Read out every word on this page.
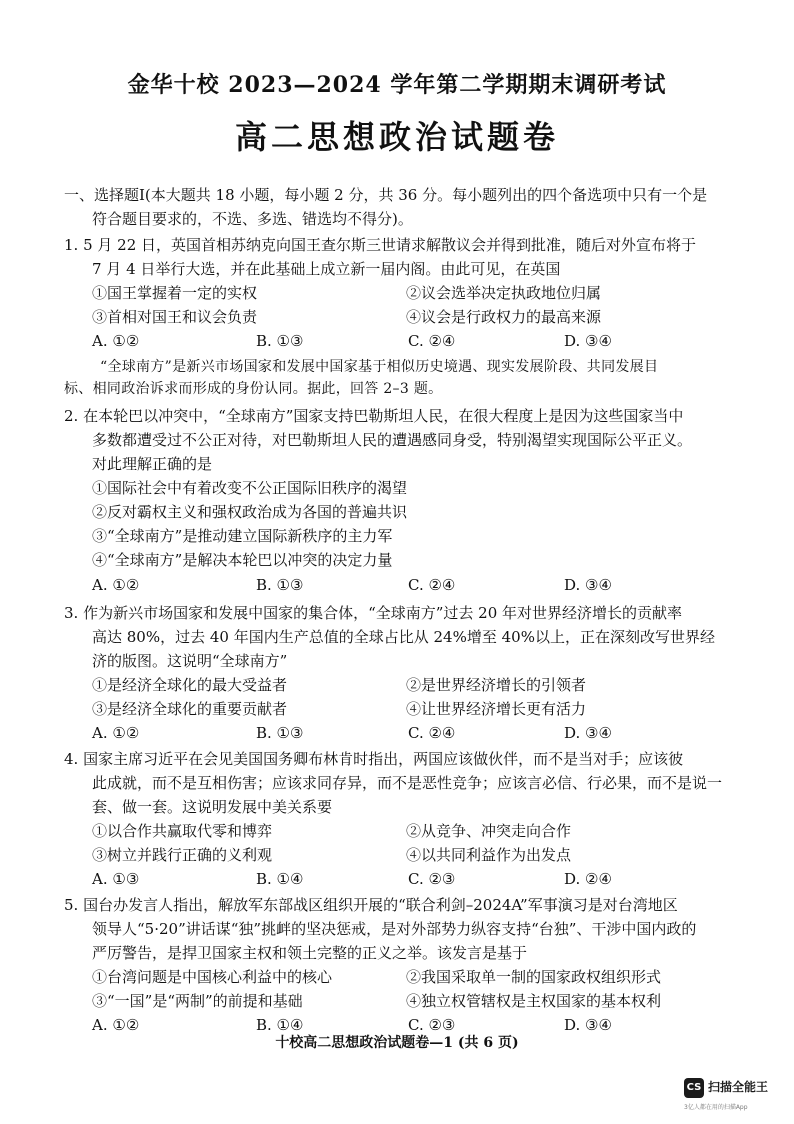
金华十校 2023—2024 学年第二学期期末调研考试
高二思想政治试题卷
一、选择题Ⅰ(本大题共 18 小题，每小题 2 分，共 36 分。每小题列出的四个备选项中只有一个是
符合题目要求的，不选、多选、错选均不得分)。
1. 5 月 22 日，英国首相苏纳克向国王查尔斯三世请求解散议会并得到批准，随后对外宣布将于
7 月 4 日举行大选，并在此基础上成立新一届内阁。由此可见，在英国
①国王掌握着一定的实权	②议会选举决定执政地位归属
③首相对国王和议会负责	④议会是行政权力的最高来源
A. ①②	B. ①③	C. ②④	D. ③④
“全球南方”是新兴市场国家和发展中国家基于相似历史境遇、现实发展阶段、共同发展目
标、相同政治诉求而形成的身份认同。据此，回答 2–3 题。
2. 在本轮巴以冲突中，“全球南方”国家支持巴勒斯坦人民，在很大程度上是因为这些国家当中
多数都遭受过不公正对待，对巴勒斯坦人民的遭遇感同身受，特别渴望实现国际公平正义。
对此理解正确的是
①国际社会中有着改变不公正国际旧秩序的渴望
②反对霸权主义和强权政治成为各国的普遍共识
③“全球南方”是推动建立国际新秩序的主力军
④“全球南方”是解决本轮巴以冲突的决定力量
A. ①②	B. ①③	C. ②④	D. ③④
3. 作为新兴市场国家和发展中国家的集合体，“全球南方”过去 20 年对世界经济增长的贡献率
高达 80%，过去 40 年国内生产总值的全球占比从 24%增至 40%以上，正在深刻改写世界经
济的版图。这说明“全球南方”
①是经济全球化的最大受益者	②是世界经济增长的引领者
③是经济全球化的重要贡献者	④让世界经济增长更有活力
A. ①②	B. ①③	C. ②④	D. ③④
4. 国家主席习近平在会见美国国务卿布林肯时指出，两国应该做伙伴，而不是当对手；应该彼
此成就，而不是互相伤害；应该求同存异，而不是恶性竞争；应该言必信、行必果，而不是说一
套、做一套。这说明发展中美关系要
①以合作共赢取代零和博弈	②从竞争、冲突走向合作
③树立并践行正确的义利观	④以共同利益作为出发点
A. ①③	B. ①④	C. ②③	D. ②④
5. 国台办发言人指出，解放军东部战区组织开展的“联合利剑–2024A”军事演习是对台湾地区
领导人“5·20”讲话谋“独”挑衅的坚决惩戒，是对外部势力纵容支持“台独”、干涉中国内政的
严厉警告，是捍卫国家主权和领土完整的正义之举。该发言是基于
①台湾问题是中国核心利益中的核心	②我国采取单一制的国家政权组织形式
③“一国”是“两制”的前提和基础	④独立权管辖权是主权国家的基本权利
A. ①②	B. ①④	C. ②③	D. ③④
十校高二思想政治试题卷—1 (共 6 页)
CS 扫描全能王
3亿人都在用的扫描App
